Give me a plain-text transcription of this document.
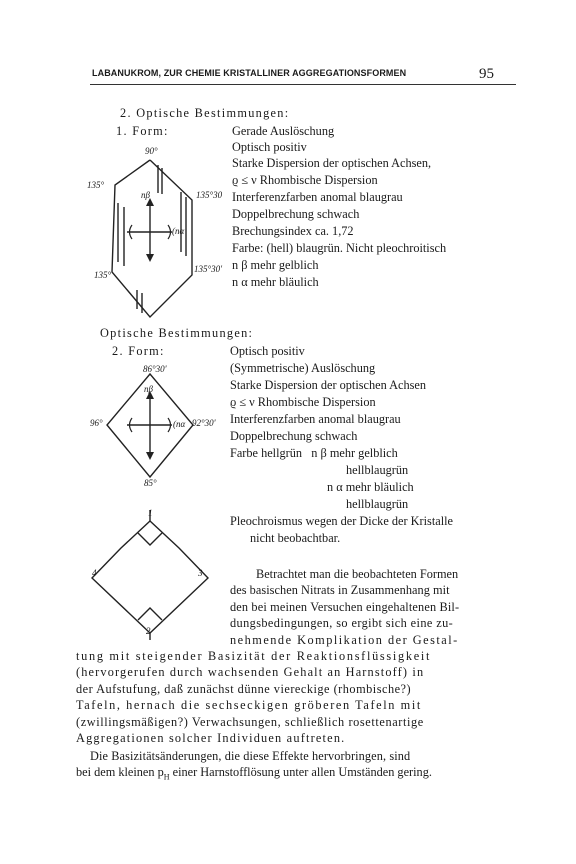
LABANUKROM, ZUR CHEMIE KRISTALLINER AGGREGATIONSFORMEN	95
2. Optische Bestimmungen:
1. Form:	Gerade Auslöschung
Optisch positiv
Starke Dispersion der optischen Achsen,
ϱ ≤ ν Rhombische Dispersion
Interferenzfarben anomal blaugrau
Doppelbrechung schwach
Brechungsindex ca. 1,72
Farbe: (hell) blaugrün. Nicht pleochroitisch
n β mehr gelblich
n α mehr bläulich
90°
135°
135°30
135°
135°30'
nβ
(nα
Optische Bestimmungen:
2. Form:	Optisch positiv
(Symmetrische) Auslöschung
Starke Dispersion der optischen Achsen
ϱ ≤ ν Rhombische Dispersion
Interferenzfarben anomal blaugrau
Doppelbrechung schwach
Farbe hellgrün   n β mehr gelblich
hellblaugrün
n α mehr bläulich
hellblaugrün
Pleochroismus wegen der Dicke der Kristalle
nicht beobachtbar.
86°30'
96°	92°30'
85°
nβ
(nα
1
4	3
2
Betrachtet man die beobachteten Formen
des basischen Nitrats in Zusammenhang mit
den bei meinen Versuchen eingehaltenen Bil-
dungsbedingungen, so ergibt sich eine zu-
nehmende Komplikation der Gestal-
tung mit steigender Basizität der Reaktionsflüssigkeit
(hervorgerufen durch wachsenden Gehalt an Harnstoff) in
der Aufstufung, daß zunächst dünne viereckige (rhombische?)
Tafeln, hernach die sechseckigen gröberen Tafeln mit
(zwillingsmäßigen?) Verwachsungen, schließlich rosettenartige
Aggregationen solcher Individuen auftreten.
Die Basizitätsänderungen, die diese Effekte hervorbringen, sind
bei dem kleinen $p_H$ einer Harnstofflösung unter allen Umständen gering.
